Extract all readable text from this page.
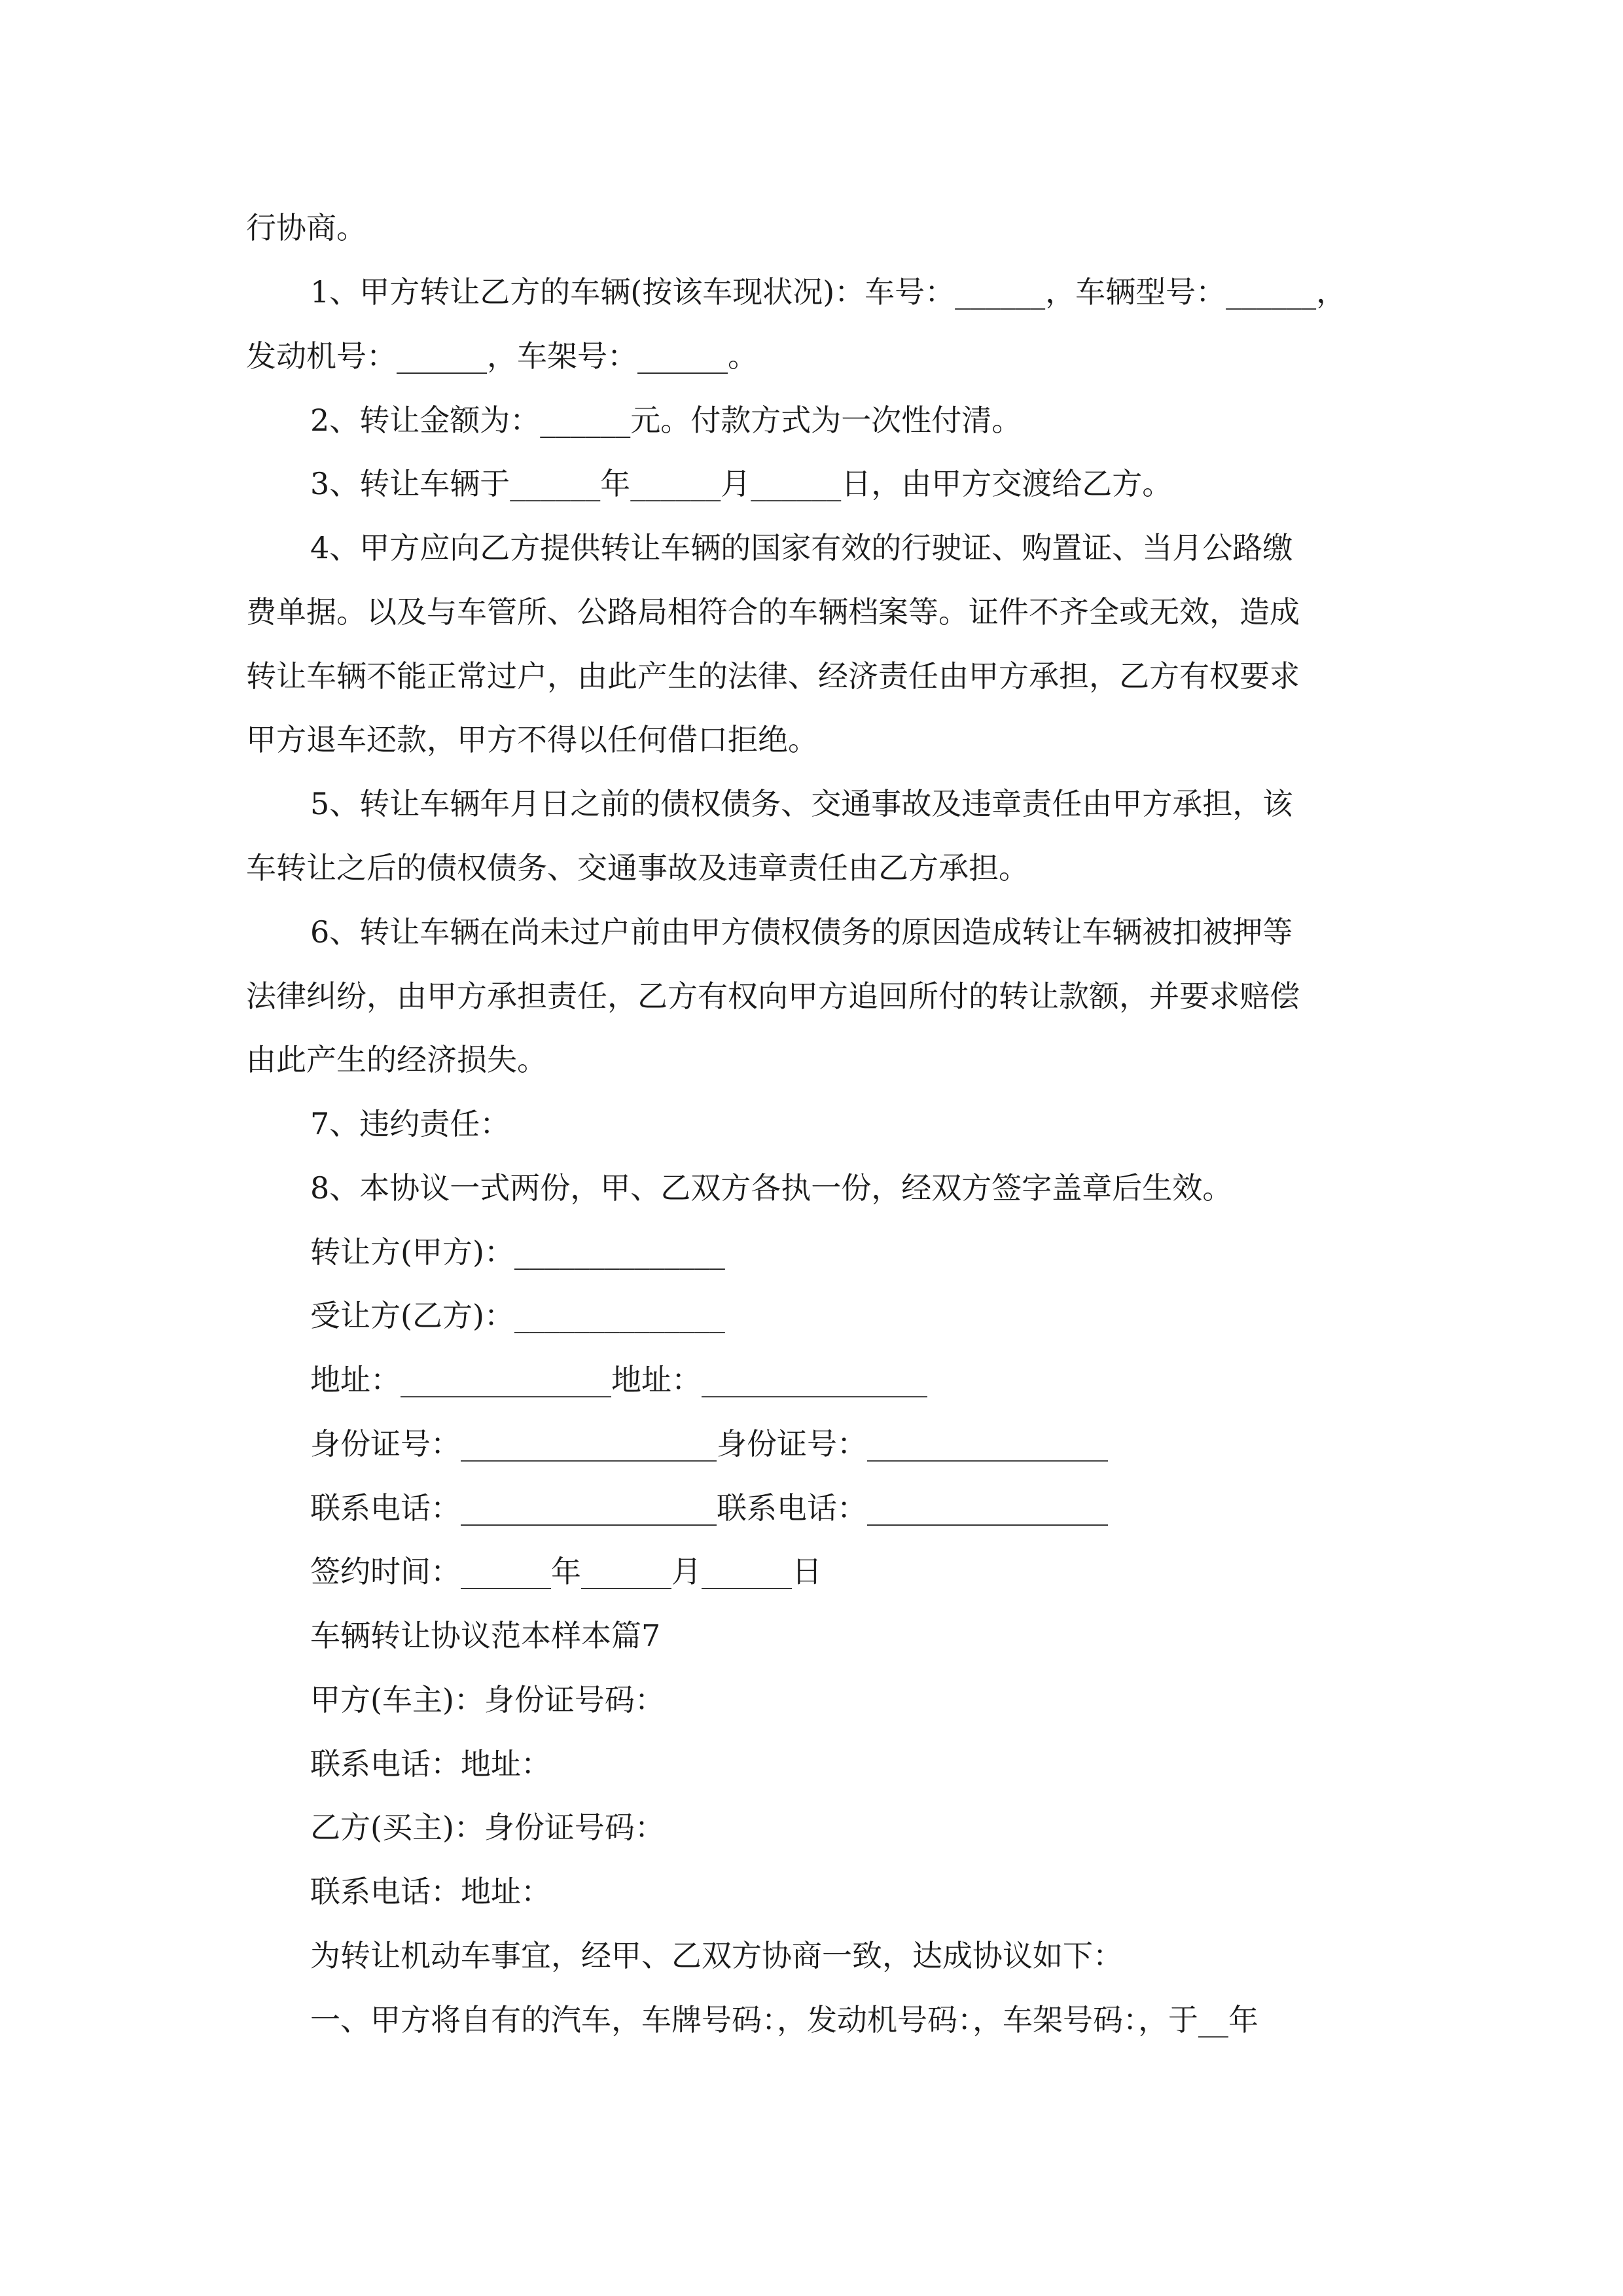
行协商。
1、甲方转让乙方的车辆(按该车现状况)：车号：______，车辆型号：______，
发动机号：______，车架号：______。
2、转让金额为：______元。付款方式为一次性付清。
3、转让车辆于______年______月______日，由甲方交渡给乙方。
4、甲方应向乙方提供转让车辆的国家有效的行驶证、购置证、当月公路缴
费单据。以及与车管所、公路局相符合的车辆档案等。证件不齐全或无效，造成
转让车辆不能正常过户，由此产生的法律、经济责任由甲方承担，乙方有权要求
甲方退车还款，甲方不得以任何借口拒绝。
5、转让车辆年月日之前的债权债务、交通事故及违章责任由甲方承担，该
车转让之后的债权债务、交通事故及违章责任由乙方承担。
6、转让车辆在尚未过户前由甲方债权债务的原因造成转让车辆被扣被押等
法律纠纷，由甲方承担责任，乙方有权向甲方追回所付的转让款额，并要求赔偿
由此产生的经济损失。
7、违约责任：
8、本协议一式两份，甲、乙双方各执一份，经双方签字盖章后生效。
转让方(甲方)：______________
受让方(乙方)：______________
地址：______________地址：_______________
身份证号：_________________身份证号：________________
联系电话：_________________联系电话：________________
签约时间：______年______月______日
车辆转让协议范本样本篇7
甲方(车主)：身份证号码：
联系电话：地址：
乙方(买主)：身份证号码：
联系电话：地址：
为转让机动车事宜，经甲、乙双方协商一致，达成协议如下：
一、甲方将自有的汽车，车牌号码：，发动机号码：，车架号码：，于__年
